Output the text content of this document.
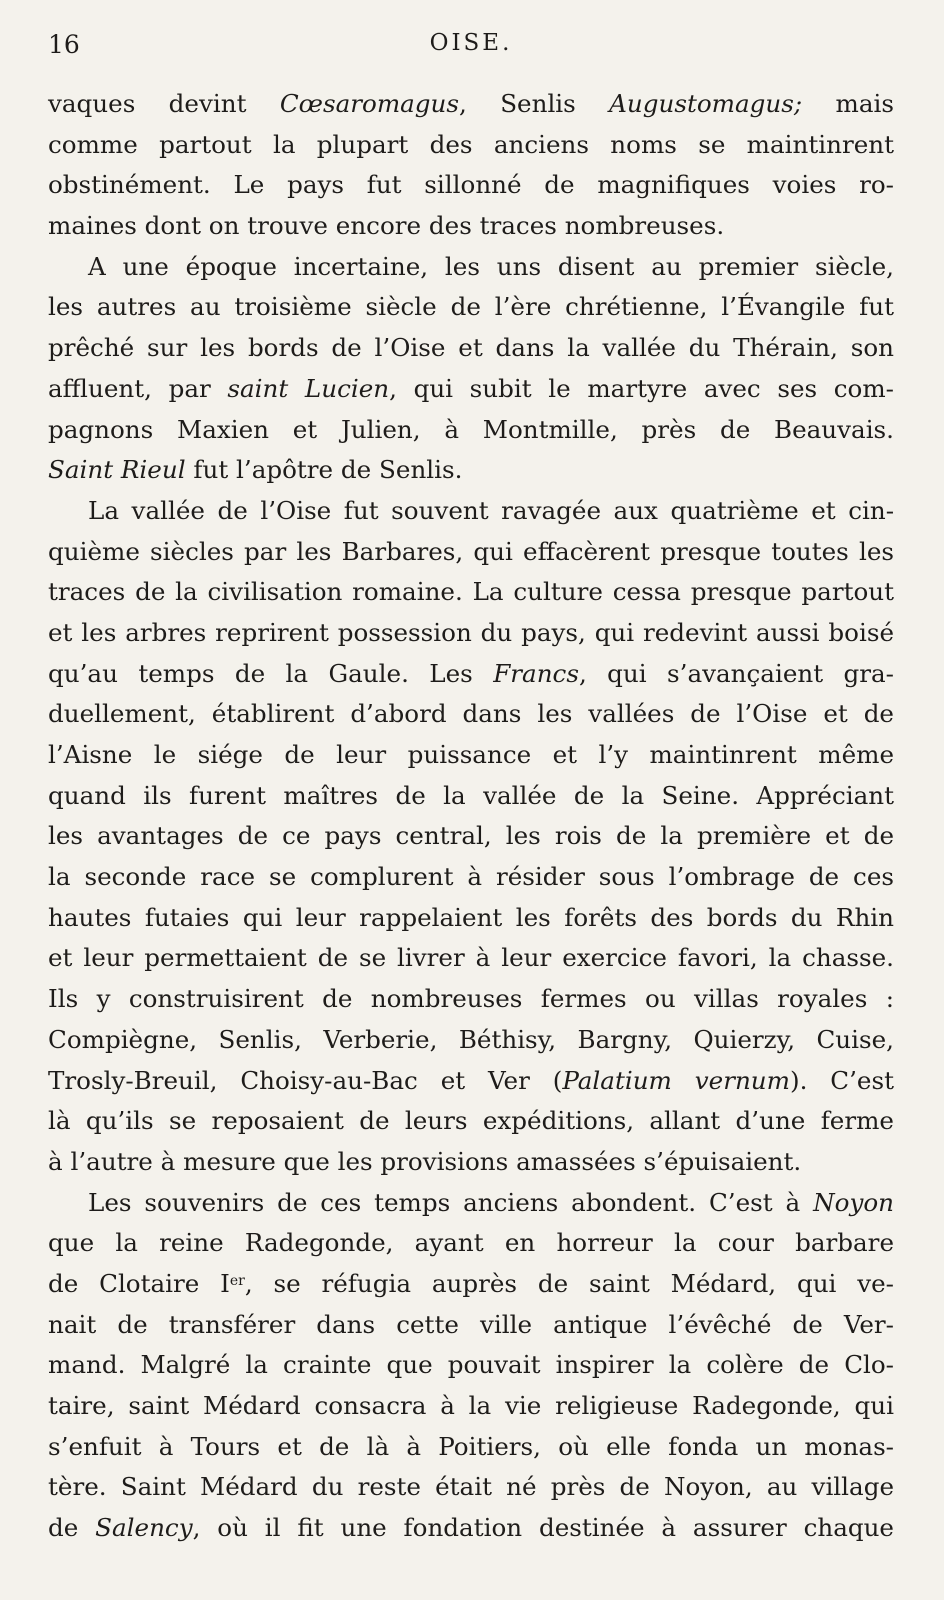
16	OISE.
vaques devint Cœsaromagus, Senlis Augustomagus; mais
comme partout la plupart des anciens noms se maintinrent
obstinément. Le pays fut sillonné de magnifiques voies ro-
maines dont on trouve encore des traces nombreuses.
A une époque incertaine, les uns disent au premier siècle,
les autres au troisième siècle de l’ère chrétienne, l’Évangile fut
prêché sur les bords de l’Oise et dans la vallée du Thérain, son
affluent, par saint Lucien, qui subit le martyre avec ses com-
pagnons Maxien et Julien, à Montmille, près de Beauvais.
Saint Rieul fut l’apôtre de Senlis.
La vallée de l’Oise fut souvent ravagée aux quatrième et cin-
quième siècles par les Barbares, qui effacèrent presque toutes les
traces de la civilisation romaine. La culture cessa presque partout
et les arbres reprirent possession du pays, qui redevint aussi boisé
qu’au temps de la Gaule. Les Francs, qui s’avançaient gra-
duellement, établirent d’abord dans les vallées de l’Oise et de
l’Aisne le siége de leur puissance et l’y maintinrent même
quand ils furent maîtres de la vallée de la Seine. Appréciant
les avantages de ce pays central, les rois de la première et de
la seconde race se complurent à résider sous l’ombrage de ces
hautes futaies qui leur rappelaient les forêts des bords du Rhin
et leur permettaient de se livrer à leur exercice favori, la chasse.
Ils y construisirent de nombreuses fermes ou villas royales :
Compiègne, Senlis, Verberie, Béthisy, Bargny, Quierzy, Cuise,
Trosly-Breuil, Choisy-au-Bac et Ver (Palatium vernum). C’est
là qu’ils se reposaient de leurs expéditions, allant d’une ferme
à l’autre à mesure que les provisions amassées s’épuisaient.
Les souvenirs de ces temps anciens abondent. C’est à Noyon
que la reine Radegonde, ayant en horreur la cour barbare
de Clotaire Ier, se réfugia auprès de saint Médard, qui ve-
nait de transférer dans cette ville antique l’évêché de Ver-
mand. Malgré la crainte que pouvait inspirer la colère de Clo-
taire, saint Médard consacra à la vie religieuse Radegonde, qui
s’enfuit à Tours et de là à Poitiers, où elle fonda un monas-
tère. Saint Médard du reste était né près de Noyon, au village
de Salency, où il fit une fondation destinée à assurer chaque
